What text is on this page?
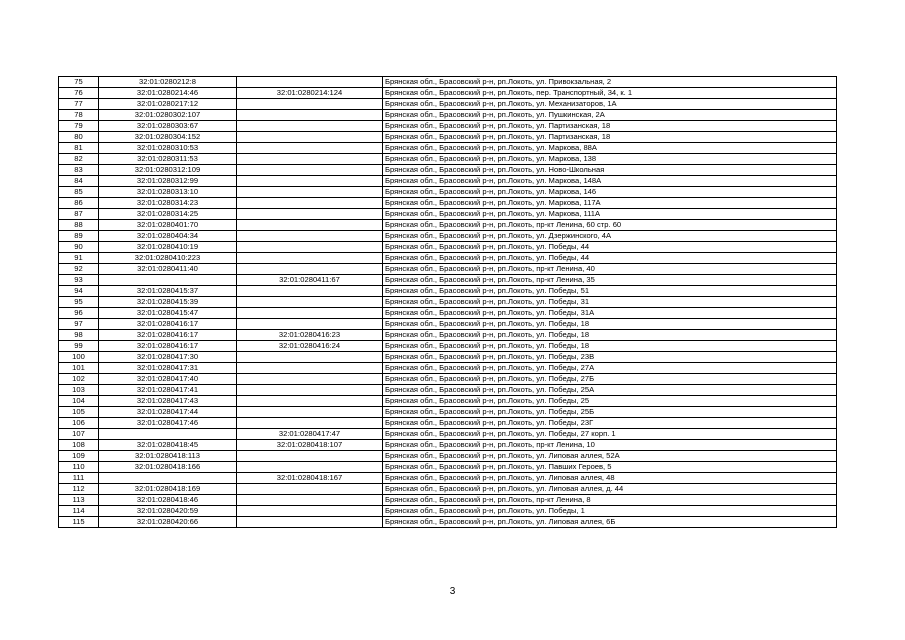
75	32:01:0280212:8		Брянская обл., Брасовский р-н, рп.Локоть, ул. Привокзальная, 2
76	32:01:0280214:46	32:01:0280214:124	Брянская обл., Брасовский р-н, рп.Локоть, пер. Транспортный, 34, к. 1
77	32:01:0280217:12		Брянская обл., Брасовский р-н, рп.Локоть, ул. Механизаторов, 1А
78	32:01:0280302:107		Брянская обл., Брасовский р-н, рп.Локоть, ул. Пушкинская, 2А
79	32:01:0280303:67		Брянская обл., Брасовский р-н, рп.Локоть, ул. Партизанская, 18
80	32:01:0280304:152		Брянская обл., Брасовский р-н, рп.Локоть, ул. Партизанская, 18
81	32:01:0280310:53		Брянская обл., Брасовский р-н, рп.Локоть, ул. Маркова, 88А
82	32:01:0280311:53		Брянская обл., Брасовский р-н, рп.Локоть, ул. Маркова, 138
83	32:01:0280312:109		Брянская обл., Брасовский р-н, рп.Локоть, ул. Ново-Школьная
84	32:01:0280312:99		Брянская обл., Брасовский р-н, рп.Локоть, ул. Маркова, 148А
85	32:01:0280313:10		Брянская обл., Брасовский р-н, рп.Локоть, ул. Маркова, 146
86	32:01:0280314:23		Брянская обл., Брасовский р-н, рп.Локоть, ул. Маркова, 117А
87	32:01:0280314:25		Брянская обл., Брасовский р-н, рп.Локоть, ул. Маркова, 111А
88	32:01:0280401:70		Брянская обл., Брасовский р-н, рп.Локоть, пр-кт Ленина, 60 стр. 60
89	32:01:0280404:34		Брянская обл., Брасовский р-н, рп.Локоть, ул. Дзержинского, 4А
90	32:01:0280410:19		Брянская обл., Брасовский р-н, рп.Локоть, ул. Победы, 44
91	32:01:0280410:223		Брянская обл., Брасовский р-н, рп.Локоть, ул. Победы, 44
92	32:01:0280411:40		Брянская обл., Брасовский р-н, рп.Локоть, пр-кт Ленина, 40
93		32:01:0280411:67	Брянская обл., Брасовский р-н, рп.Локоть, пр-кт Ленина, 35
94	32:01:0280415:37		Брянская обл., Брасовский р-н, рп.Локоть, ул. Победы, 51
95	32:01:0280415:39		Брянская обл., Брасовский р-н, рп.Локоть, ул. Победы, 31
96	32:01:0280415:47		Брянская обл., Брасовский р-н, рп.Локоть, ул. Победы, 31А
97	32:01:0280416:17		Брянская обл., Брасовский р-н, рп.Локоть, ул. Победы, 18
98	32:01:0280416:17	32:01:0280416:23	Брянская обл., Брасовский р-н, рп.Локоть, ул. Победы, 18
99	32:01:0280416:17	32:01:0280416:24	Брянская обл., Брасовский р-н, рп.Локоть, ул. Победы, 18
100	32:01:0280417:30		Брянская обл., Брасовский р-н, рп.Локоть, ул. Победы, 23В
101	32:01:0280417:31		Брянская обл., Брасовский р-н, рп.Локоть, ул. Победы, 27А
102	32:01:0280417:40		Брянская обл., Брасовский р-н, рп.Локоть, ул. Победы, 27Б
103	32:01:0280417:41		Брянская обл., Брасовский р-н, рп.Локоть, ул. Победы, 25А
104	32:01:0280417:43		Брянская обл., Брасовский р-н, рп.Локоть, ул. Победы, 25
105	32:01:0280417:44		Брянская обл., Брасовский р-н, рп.Локоть, ул. Победы, 25Б
106	32:01:0280417:46		Брянская обл., Брасовский р-н, рп.Локоть, ул. Победы, 23Г
107		32:01:0280417:47	Брянская обл., Брасовский р-н, рп.Локоть, ул. Победы, 27 корп. 1
108	32:01:0280418:45	32:01:0280418:107	Брянская обл., Брасовский р-н, рп.Локоть, пр-кт Ленина, 10
109	32:01:0280418:113		Брянская обл., Брасовский р-н, рп.Локоть, ул. Липовая аллея, 52А
110	32:01:0280418:166		Брянская обл., Брасовский р-н, рп.Локоть, ул. Павших Героев, 5
111		32:01:0280418:167	Брянская обл., Брасовский р-н, рп.Локоть, ул. Липовая аллея, 48
112	32:01:0280418:169		Брянская обл., Брасовский р-н, рп.Локоть, ул. Липовая аллея, д. 44
113	32:01:0280418:46		Брянская обл., Брасовский р-н, рп.Локоть, пр-кт Ленина, 8
114	32:01:0280420:59		Брянская обл., Брасовский р-н, рп.Локоть, ул. Победы, 1
115	32:01:0280420:66		Брянская обл., Брасовский р-н, рп.Локоть, ул. Липовая аллея, 6Б
3
